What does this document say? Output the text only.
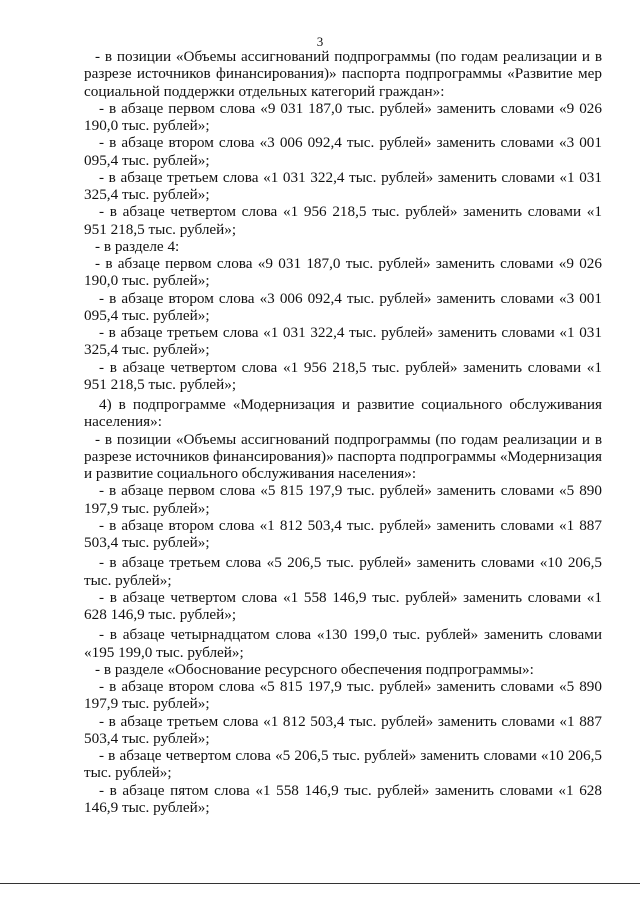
3

- в позиции «Объемы ассигнований подпрограммы (по годам реализации и в разрезе источников финансирования)» паспорта подпрограммы «Развитие мер социальной поддержки отдельных категорий граждан»:

- в абзаце первом слова «9 031 187,0 тыс. рублей» заменить словами «9 026 190,0 тыс. рублей»;

- в абзаце втором слова «3 006 092,4 тыс. рублей» заменить словами «3 001 095,4 тыс. рублей»;

- в абзаце третьем слова «1 031 322,4 тыс. рублей» заменить словами «1 031 325,4 тыс. рублей»;

- в абзаце четвертом слова «1 956 218,5 тыс. рублей» заменить словами «1 951 218,5 тыс. рублей»;

- в разделе 4:

- в абзаце первом слова «9 031 187,0 тыс. рублей» заменить словами «9 026 190,0 тыс. рублей»;

- в абзаце втором слова «3 006 092,4 тыс. рублей» заменить словами «3 001 095,4 тыс. рублей»;

- в абзаце третьем слова «1 031 322,4 тыс. рублей» заменить словами «1 031 325,4 тыс. рублей»;

- в абзаце четвертом слова «1 956 218,5 тыс. рублей» заменить словами «1 951 218,5 тыс. рублей»;

4) в подпрограмме «Модернизация и развитие социального обслуживания населения»:

- в позиции «Объемы ассигнований подпрограммы (по годам реализации и в разрезе источников финансирования)» паспорта подпрограммы «Модернизация и развитие социального обслуживания населения»:

- в абзаце первом слова «5 815 197,9 тыс. рублей» заменить словами «5 890 197,9 тыс. рублей»;

- в абзаце втором слова «1 812 503,4 тыс. рублей» заменить словами «1 887 503,4 тыс. рублей»;

- в абзаце третьем слова «5 206,5 тыс. рублей» заменить словами «10 206,5 тыс. рублей»;

- в абзаце четвертом слова «1 558 146,9 тыс. рублей» заменить словами «1 628 146,9 тыс. рублей»;

- в абзаце четырнадцатом слова «130 199,0 тыс. рублей» заменить словами «195 199,0 тыс. рублей»;

- в разделе «Обоснование ресурсного обеспечения подпрограммы»:

- в абзаце втором слова «5 815 197,9 тыс. рублей» заменить словами «5 890 197,9 тыс. рублей»;

- в абзаце третьем слова «1 812 503,4 тыс. рублей» заменить словами «1 887 503,4 тыс. рублей»;

- в абзаце четвертом слова «5 206,5 тыс. рублей» заменить словами «10 206,5 тыс. рублей»;

- в абзаце пятом слова «1 558 146,9 тыс. рублей» заменить словами «1 628 146,9 тыс. рублей»;
